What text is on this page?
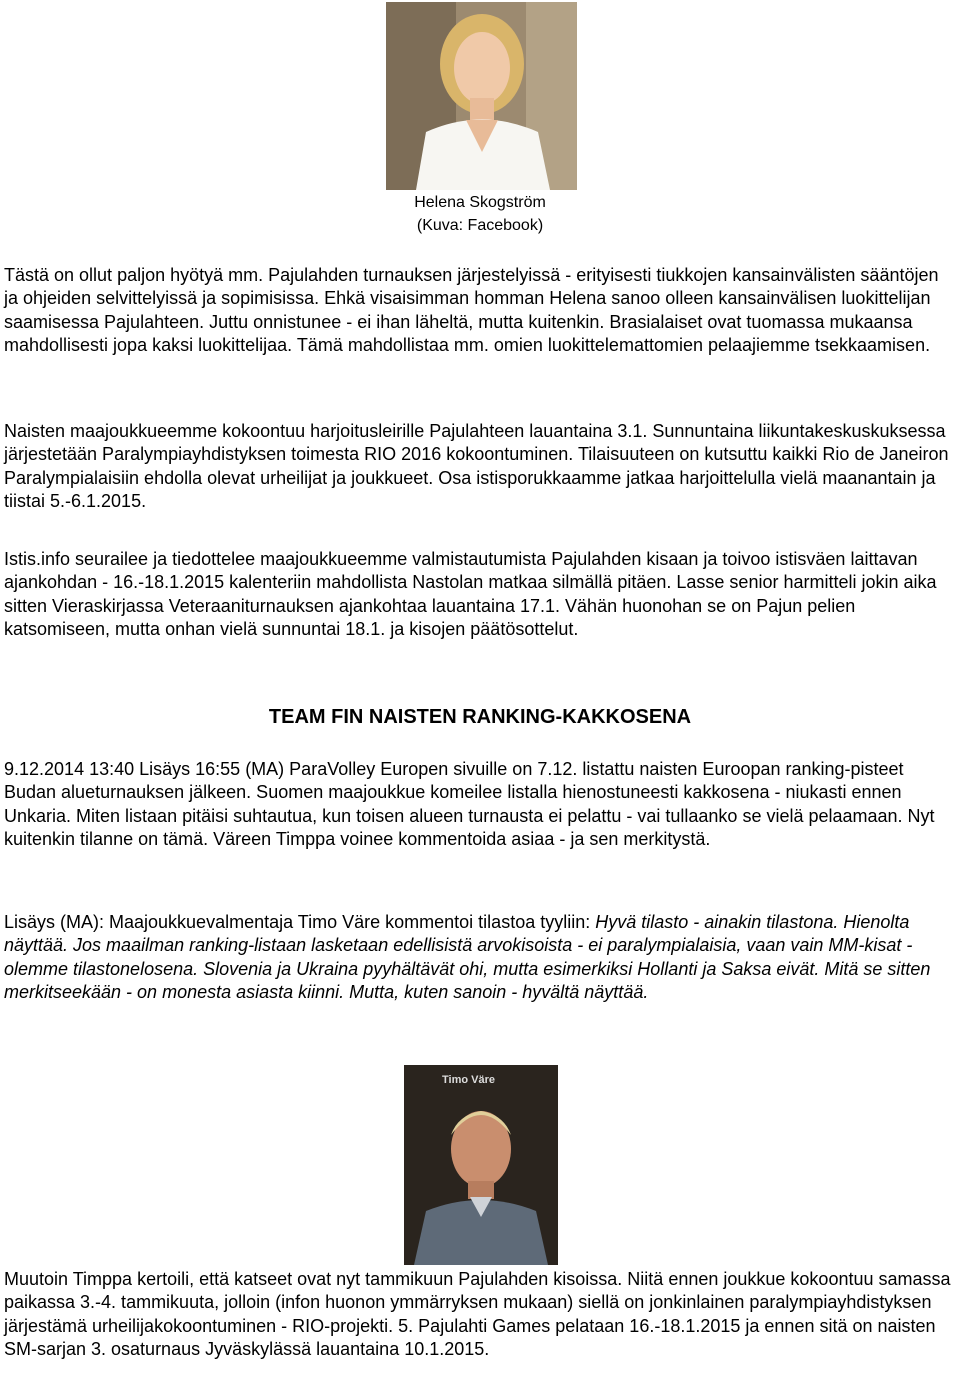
Helena Skogström
(Kuva: Facebook)
Tästä on ollut paljon hyötyä mm. Pajulahden turnauksen järjestelyissä - erityisesti tiukkojen kansainvälisten sääntöjen ja ohjeiden selvittelyissä ja sopimisissa. Ehkä visaisimman homman Helena sanoo olleen kansainvälisen luokittelijan saamisessa Pajulahteen. Juttu onnistunee - ei ihan läheltä, mutta kuitenkin. Brasialaiset ovat tuomassa mukaansa mahdollisesti jopa kaksi luokittelijaa. Tämä mahdollistaa mm. omien luokittelemattomien pelaajiemme tsekkaamisen.
Naisten maajoukkueemme kokoontuu harjoitusleirille Pajulahteen lauantaina 3.1. Sunnuntaina liikuntakeskuskuksessa järjestetään Paralympiayhdistyksen toimesta RIO 2016 kokoontuminen. Tilaisuuteen on kutsuttu kaikki Rio de Janeiron Paralympialaisiin ehdolla olevat urheilijat ja joukkueet. Osa istisporukkaamme jatkaa harjoittelulla vielä maanantain ja tiistai 5.-6.1.2015.
Istis.info seurailee ja tiedottelee maajoukkueemme valmistautumista Pajulahden kisaan ja toivoo istisväen laittavan ajankohdan - 16.-18.1.2015 kalenteriin mahdollista Nastolan matkaa silmällä pitäen. Lasse senior harmitteli jokin aika sitten Vieraskirjassa Veteraaniturnauksen ajankohtaa lauantaina 17.1. Vähän huonohan se on Pajun pelien katsomiseen, mutta onhan vielä sunnuntai 18.1. ja kisojen päätösottelut.
TEAM FIN NAISTEN RANKING-KAKKOSENA
9.12.2014 13:40 Lisäys 16:55 (MA) ParaVolley Europen sivuille on 7.12. listattu naisten Euroopan ranking-pisteet Budan alueturnauksen jälkeen. Suomen maajoukkue komeilee listalla hienostuneesti kakkosena - niukasti ennen Unkaria. Miten listaan pitäisi suhtautua, kun toisen alueen turnausta ei pelattu - vai tullaanko se vielä pelaamaan. Nyt kuitenkin tilanne on tämä. Väreen Timppa voinee kommentoida asiaa - ja sen merkitystä.
Lisäys (MA): Maajoukkuevalmentaja Timo Väre kommentoi tilastoa tyyliin: Hyvä tilasto - ainakin tilastona. Hienolta näyttää. Jos maailman ranking-listaan lasketaan edellisistä arvokisoista - ei paralympialaisia, vaan vain MM-kisat - olemme tilastonelosena. Slovenia ja Ukraina pyyhältävät ohi, mutta esimerkiksi Hollanti ja Saksa eivät. Mitä se sitten merkitseekään - on monesta asiasta kiinni. Mutta, kuten sanoin - hyvältä näyttää.
Timo Väre
Muutoin Timppa kertoili, että katseet ovat nyt tammikuun Pajulahden kisoissa. Niitä ennen joukkue kokoontuu samassa paikassa 3.-4. tammikuuta, jolloin (infon huonon ymmärryksen mukaan) siellä on jonkinlainen paralympiayhdistyksen järjestämä urheilijakokoontuminen - RIO-projekti. 5. Pajulahti Games pelataan 16.-18.1.2015 ja ennen sitä on naisten SM-sarjan 3. osaturnaus Jyväskylässä lauantaina 10.1.2015.
